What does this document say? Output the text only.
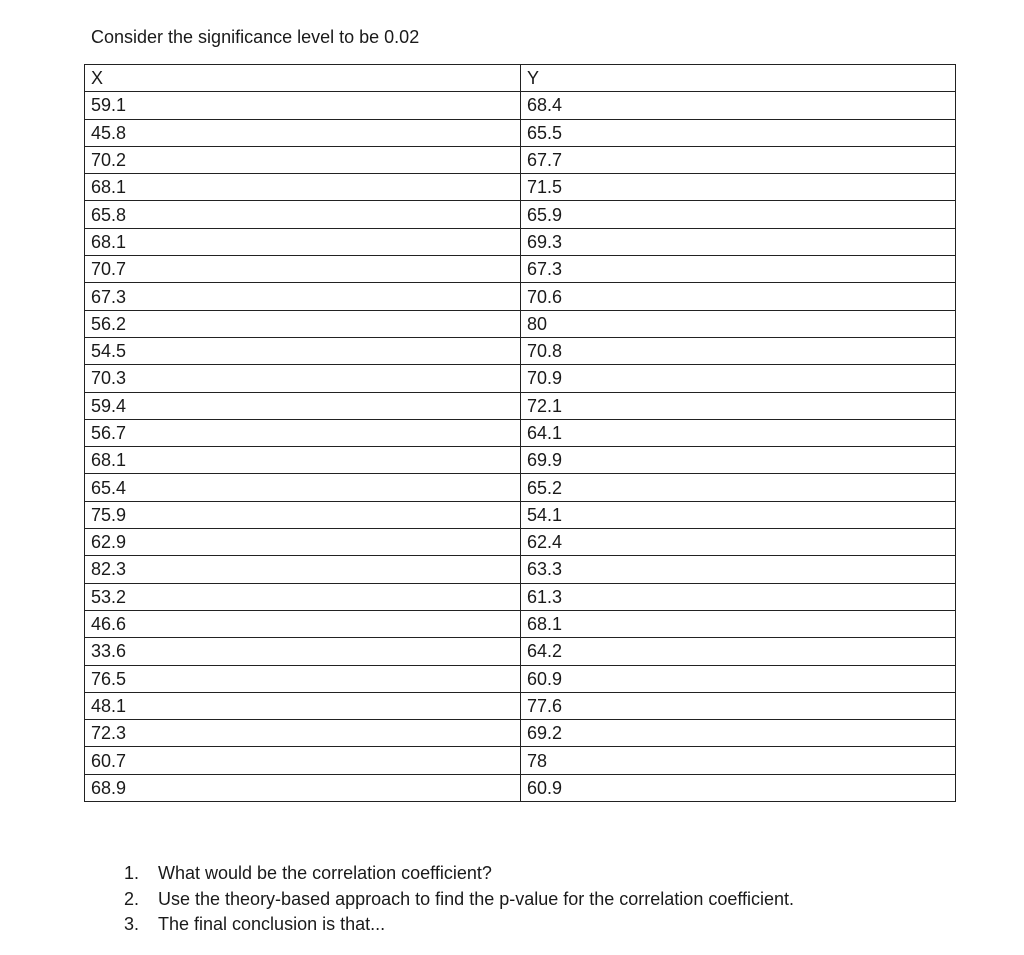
Consider the significance level to be 0.02
X	Y
59.1	68.4
45.8	65.5
70.2	67.7
68.1	71.5
65.8	65.9
68.1	69.3
70.7	67.3
67.3	70.6
56.2	80
54.5	70.8
70.3	70.9
59.4	72.1
56.7	64.1
68.1	69.9
65.4	65.2
75.9	54.1
62.9	62.4
82.3	63.3
53.2	61.3
46.6	68.1
33.6	64.2
76.5	60.9
48.1	77.6
72.3	69.2
60.7	78
68.9	60.9
1.	What would be the correlation coefficient?
2.	Use the theory-based approach to find the p-value for the correlation coefficient.
3.	The final conclusion is that...
